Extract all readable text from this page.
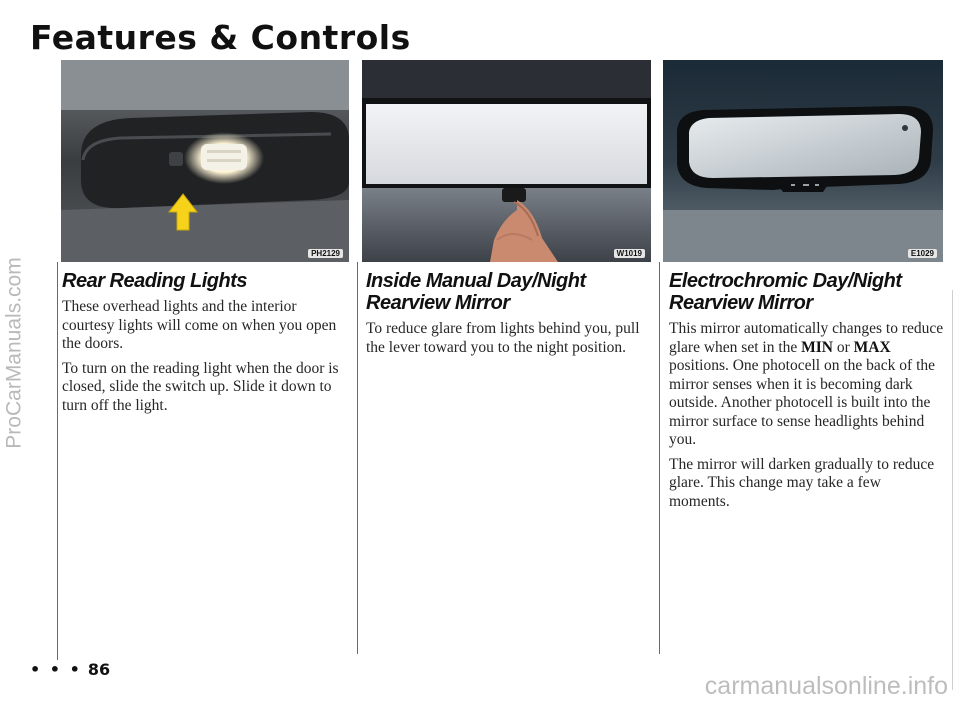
Features & Controls
ProCarManuals.com
PH2129	W1019	E1029
Rear Reading Lights

These overhead lights and the interior courtesy lights will come on when you open the doors.

To turn on the reading light when the door is closed, slide the switch up. Slide it down to turn off the light.

Inside Manual Day/Night Rearview Mirror

To reduce glare from lights behind you, pull the lever toward you to the night position.

Electrochromic Day/Night Rearview Mirror

This mirror automatically changes to reduce glare when set in the MIN or MAX positions. One photocell on the back of the mirror senses when it is becoming dark outside. Another photocell is built into the mirror surface to sense headlights behind you.

The mirror will darken gradually to reduce glare. This change may take a few moments.

• • • 86
carmanualsonline.info
